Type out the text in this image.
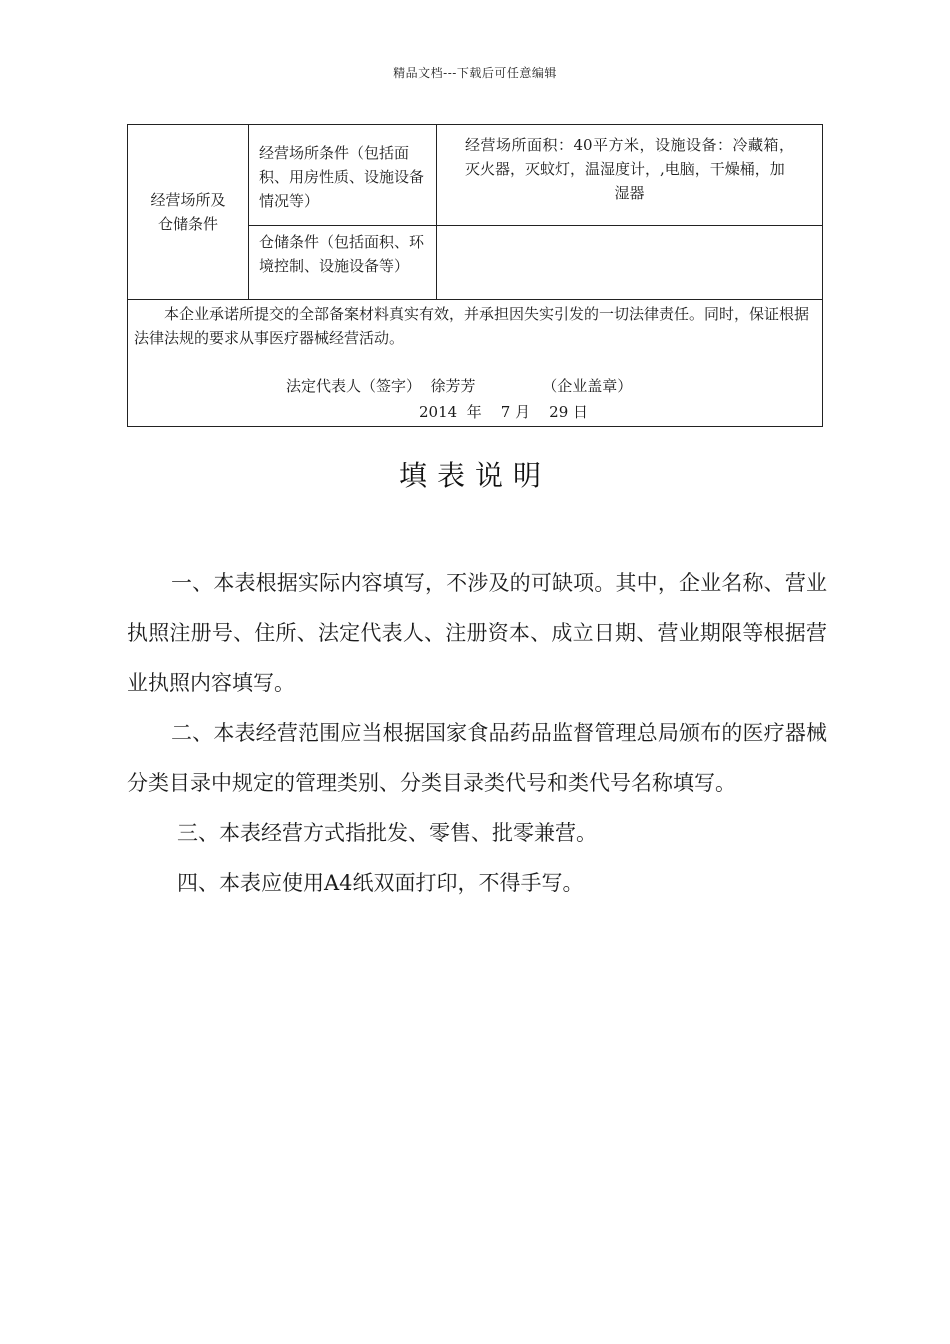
精品文档---下载后可任意编辑
经营场所及仓储条件	经营场所条件（包括面积、用房性质、设施设备情况等）	经营场所面积：40平方米，设施设备：冷藏箱，灭火器，灭蚊灯，温湿度计，,电脑，干燥桶，加
湿器

	仓储条件（包括面积、环境控制、设施设备等）	

本企业承诺所提交的全部备案材料真实有效，并承担因失实引发的一切法律责任。同时，保证根据法律法规的要求从事医疗器械经营活动。
法定代表人（签字）  徐芳芳              （企业盖章）
2014  年    7 月    29 日		
填表说明

一、本表根据实际内容填写，不涉及的可缺项。其中，企业名称、营业执照注册号、住所、法定代表人、注册资本、成立日期、营业期限等根据营业执照内容填写。

二、本表经营范围应当根据国家食品药品监督管理总局颁布的医疗器械分类目录中规定的管理类别、分类目录类代号和类代号名称填写。

三、本表经营方式指批发、零售、批零兼营。

四、本表应使用A4纸双面打印，不得手写。
